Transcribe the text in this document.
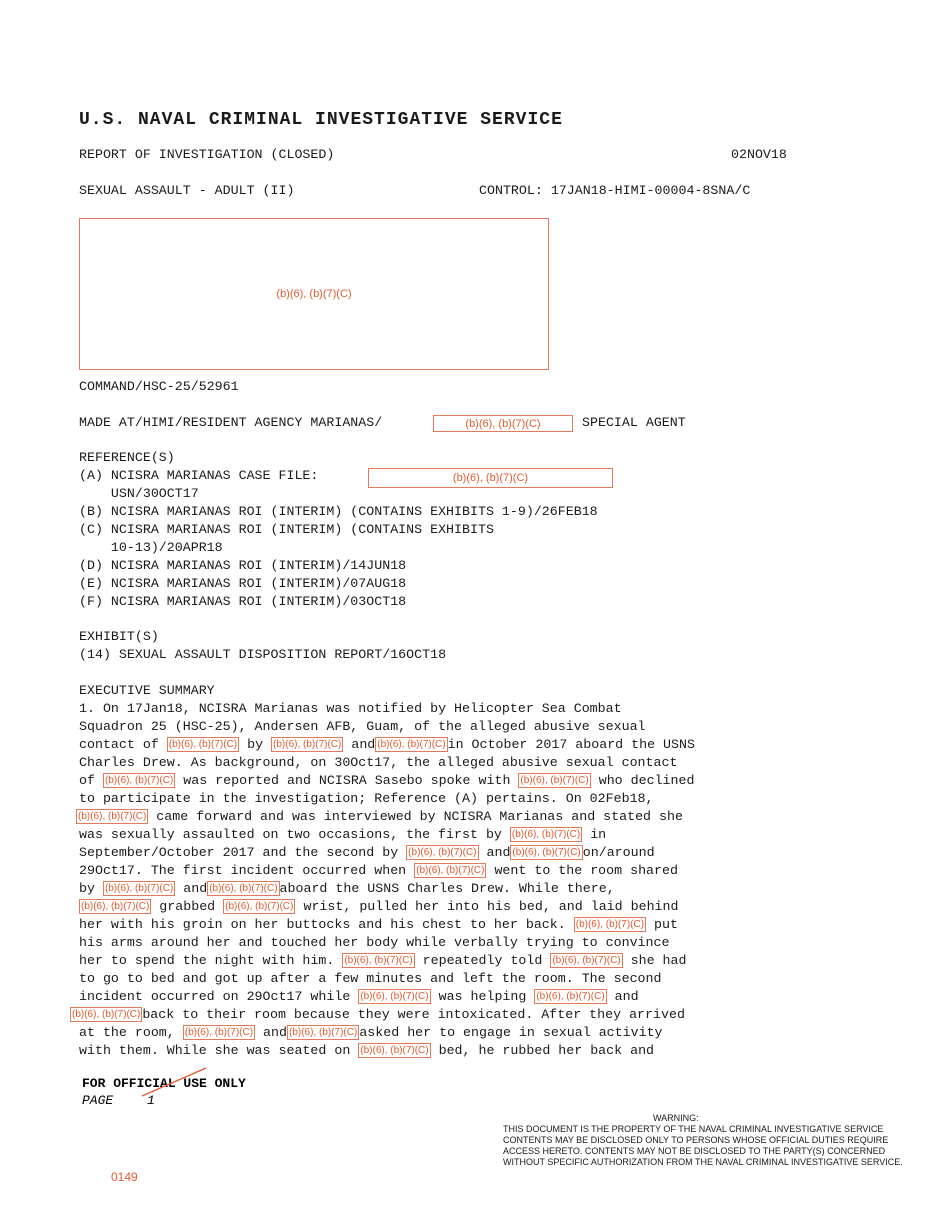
U.S. NAVAL CRIMINAL INVESTIGATIVE SERVICE
REPORT OF INVESTIGATION (CLOSED)	02NOV18
SEXUAL ASSAULT - ADULT (II)	CONTROL: 17JAN18-HIMI-00004-8SNA/C
(b)(6), (b)(7)(C)
COMMAND/HSC-25/52961
MADE AT/HIMI/RESIDENT AGENCY MARIANAS/	(b)(6), (b)(7)(C)	SPECIAL AGENT
REFERENCE(S)
(A) NCISRA MARIANAS CASE FILE:	(b)(6), (b)(7)(C)
USN/30OCT17
(B) NCISRA MARIANAS ROI (INTERIM) (CONTAINS EXHIBITS 1-9)/26FEB18
(C) NCISRA MARIANAS ROI (INTERIM) (CONTAINS EXHIBITS
10-13)/20APR18
(D) NCISRA MARIANAS ROI (INTERIM)/14JUN18
(E) NCISRA MARIANAS ROI (INTERIM)/07AUG18
(F) NCISRA MARIANAS ROI (INTERIM)/03OCT18
EXHIBIT(S)
(14) SEXUAL ASSAULT DISPOSITION REPORT/16OCT18
EXECUTIVE SUMMARY
1. On 17Jan18, NCISRA Marianas was notified by Helicopter Sea Combat
Squadron 25 (HSC-25), Andersen AFB, Guam, of the alleged abusive sexual
contact of (b)(6), (b)(7)(C) by (b)(6), (b)(7)(C) and (b)(6), (b)(7)(C) in October 2017 aboard the USNS
Charles Drew. As background, on 30Oct17, the alleged abusive sexual contact
of (b)(6), (b)(7)(C) was reported and NCISRA Sasebo spoke with (b)(6), (b)(7)(C) who declined
to participate in the investigation; Reference (A) pertains. On 02Feb18,
(b)(6), (b)(7)(C) came forward and was interviewed by NCISRA Marianas and stated she
was sexually assaulted on two occasions, the first by (b)(6), (b)(7)(C) in
September/October 2017 and the second by (b)(6), (b)(7)(C) and (b)(6), (b)(7)(C) on/around
29Oct17. The first incident occurred when (b)(6), (b)(7)(C) went to the room shared
by (b)(6), (b)(7)(C) and (b)(6), (b)(7)(C) aboard the USNS Charles Drew. While there,
(b)(6), (b)(7)(C) grabbed (b)(6), (b)(7)(C) wrist, pulled her into his bed, and laid behind
her with his groin on her buttocks and his chest to her back. (b)(6), (b)(7)(C) put
his arms around her and touched her body while verbally trying to convince
her to spend the night with him. (b)(6), (b)(7)(C) repeatedly told (b)(6), (b)(7)(C) she had
to go to bed and got up after a few minutes and left the room. The second
incident occurred on 29Oct17 while (b)(6), (b)(7)(C) was helping (b)(6), (b)(7)(C) and
(b)(6), (b)(7)(C) back to their room because they were intoxicated. After they arrived
at the room, (b)(6), (b)(7)(C) and (b)(6), (b)(7)(C) asked her to engage in sexual activity
with them. While she was seated on (b)(6), (b)(7)(C) bed, he rubbed her back and
FOR OFFICIAL USE ONLY
PAGE	1
WARNING:
THIS DOCUMENT IS THE PROPERTY OF THE NAVAL CRIMINAL INVESTIGATIVE SERVICE
CONTENTS MAY BE DISCLOSED ONLY TO PERSONS WHOSE OFFICIAL DUTIES REQUIRE
ACCESS HERETO. CONTENTS MAY NOT BE DISCLOSED TO THE PARTY(S) CONCERNED
WITHOUT SPECIFIC AUTHORIZATION FROM THE NAVAL CRIMINAL INVESTIGATIVE SERVICE.
0149
